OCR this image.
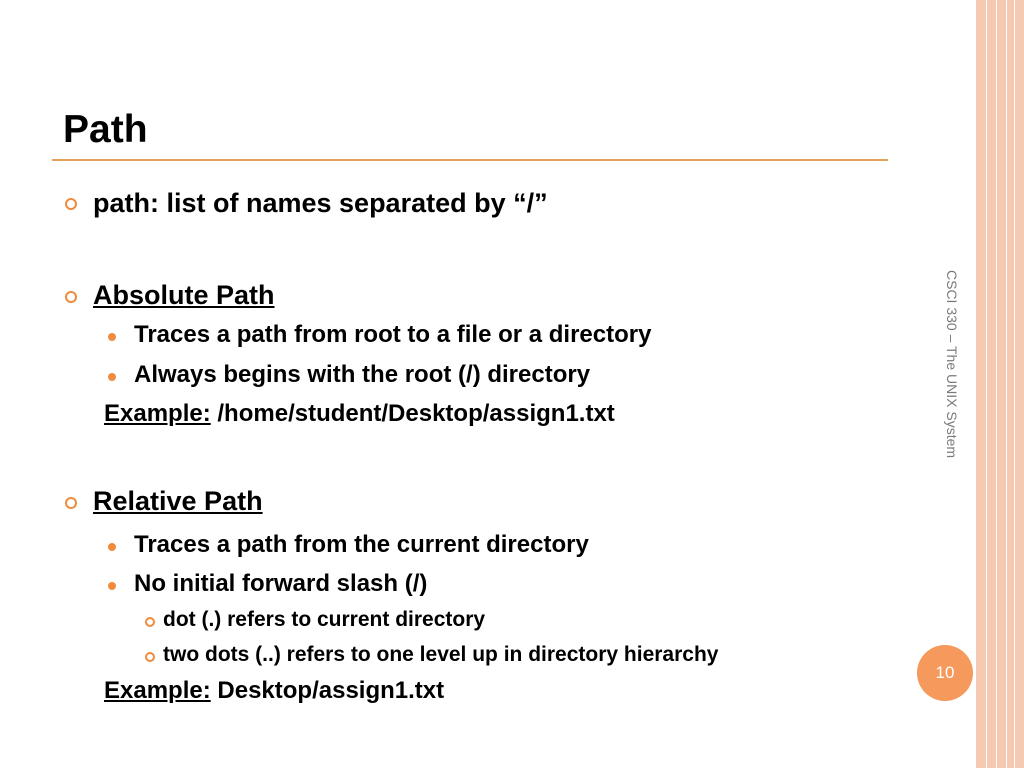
Path
path: list of names separated by “/”
Absolute Path
Traces a path from root to a file or a directory
Always begins with the root (/) directory
Example: /home/student/Desktop/assign1.txt
Relative Path
Traces a path from the current directory
No initial forward slash (/)
dot (.) refers to current directory
two dots (..) refers to one level up in directory hierarchy
Example: Desktop/assign1.txt
CSCI 330 – The UNIX System
10
